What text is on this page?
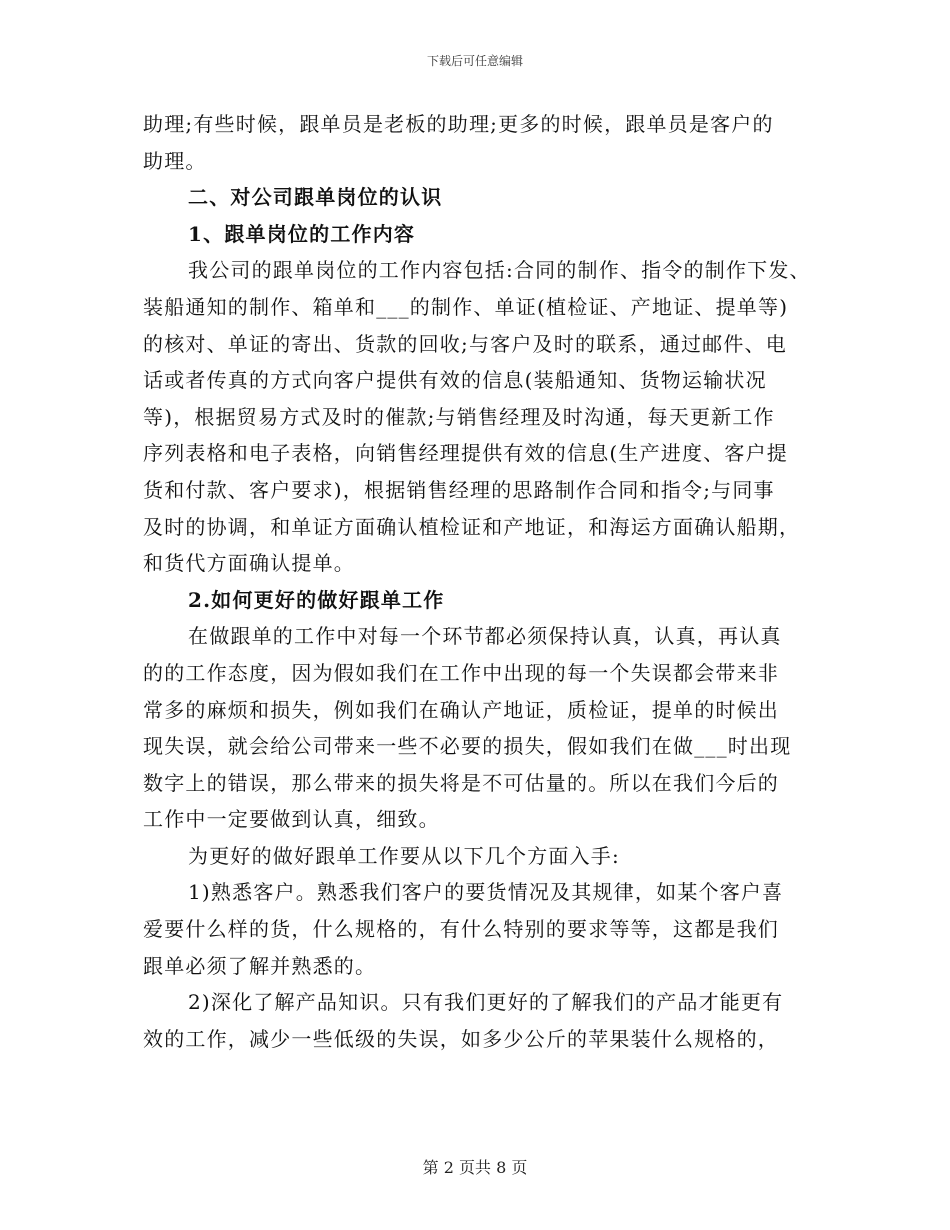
下载后可任意编辑
助理;有些时候，跟单员是老板的助理;更多的时候，跟单员是客户的
助理。
二、对公司跟单岗位的认识
1、跟单岗位的工作内容
我公司的跟单岗位的工作内容包括:合同的制作、指令的制作下发、
装船通知的制作、箱单和___的制作、单证(植检证、产地证、提单等)
的核对、单证的寄出、货款的回收;与客户及时的联系，通过邮件、电
话或者传真的方式向客户提供有效的信息(装船通知、货物运输状况
等)，根据贸易方式及时的催款;与销售经理及时沟通，每天更新工作
序列表格和电子表格，向销售经理提供有效的信息(生产进度、客户提
货和付款、客户要求)，根据销售经理的思路制作合同和指令;与同事
及时的协调，和单证方面确认植检证和产地证，和海运方面确认船期，
和货代方面确认提单。
2.如何更好的做好跟单工作
在做跟单的工作中对每一个环节都必须保持认真，认真，再认真
的的工作态度，因为假如我们在工作中出现的每一个失误都会带来非
常多的麻烦和损失，例如我们在确认产地证，质检证，提单的时候出
现失误，就会给公司带来一些不必要的损失，假如我们在做___时出现
数字上的错误，那么带来的损失将是不可估量的。所以在我们今后的
工作中一定要做到认真，细致。
为更好的做好跟单工作要从以下几个方面入手:
1)熟悉客户。熟悉我们客户的要货情况及其规律，如某个客户喜
爱要什么样的货，什么规格的，有什么特别的要求等等，这都是我们
跟单必须了解并熟悉的。
2)深化了解产品知识。只有我们更好的了解我们的产品才能更有
效的工作，减少一些低级的失误，如多少公斤的苹果装什么规格的，
第 2 页共 8 页
